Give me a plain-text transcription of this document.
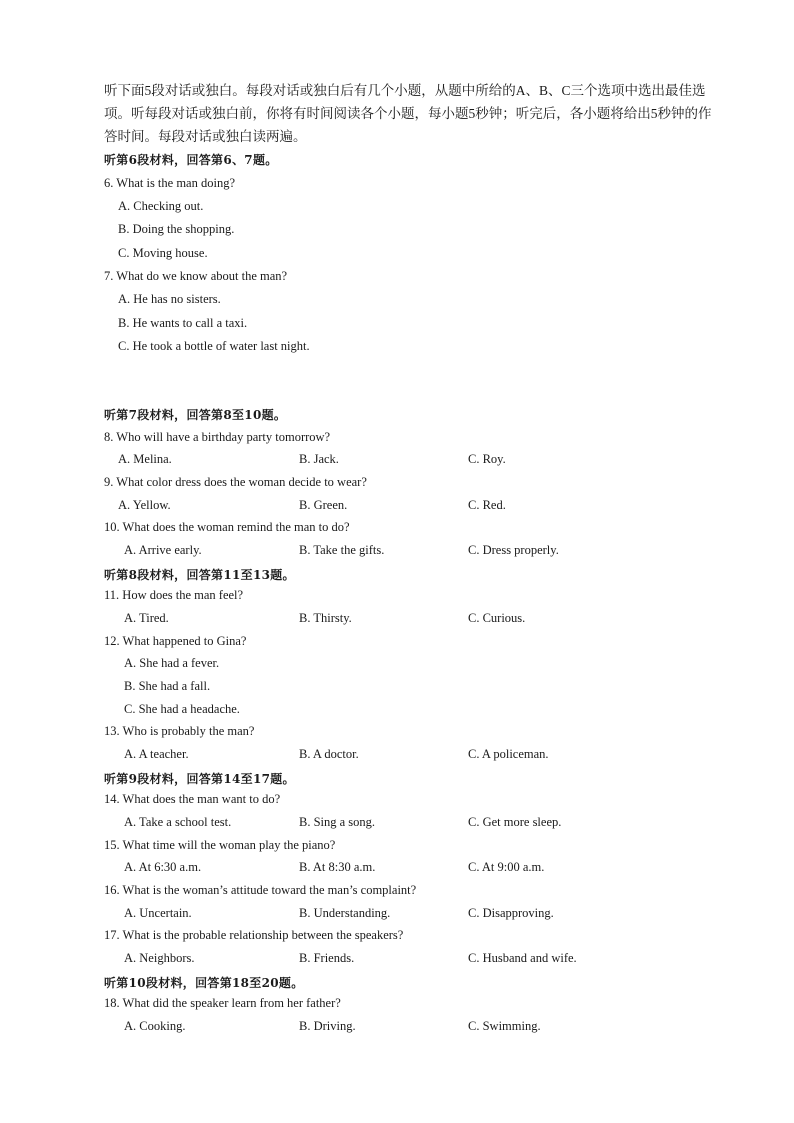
听下面5段对话或独白。每段对话或独白后有几个小题，从题中所给的A、B、C三个选项中选出最佳选项。听每段对话或独白前，你将有时间阅读各个小题，每小题5秒钟；听完后，各小题将给出5秒钟的作答时间。每段对话或独白读两遍。
听第6段材料，回答第6、7题。
6. What is the man doing?
A. Checking out.
B. Doing the shopping.
C. Moving house.
7. What do we know about the man?
A. He has no sisters.
B. He wants to call a taxi.
C. He took a bottle of water last night.
听第7段材料，回答第8至10题。
8. Who will have a birthday party tomorrow?
A. Melina.	B. Jack.	C. Roy.
9. What color dress does the woman decide to wear?
A. Yellow.	B. Green.	C. Red.
10. What does the woman remind the man to do?
A. Arrive early.	B. Take the gifts.	C. Dress properly.
听第8段材料，回答第11至13题。
11. How does the man feel?
A. Tired.	B. Thirsty.	C. Curious.
12. What happened to Gina?
A. She had a fever.
B. She had a fall.
C. She had a headache.
13. Who is probably the man?
A. A teacher.	B. A doctor.	C. A policeman.
听第9段材料，回答第14至17题。
14. What does the man want to do?
A. Take a school test.	B. Sing a song.	C. Get more sleep.
15. What time will the woman play the piano?
A. At 6:30 a.m.	B. At 8:30 a.m.	C. At 9:00 a.m.
16. What is the woman’s attitude toward the man’s complaint?
A. Uncertain.	B. Understanding.	C. Disapproving.
17. What is the probable relationship between the speakers?
A. Neighbors.	B. Friends.	C. Husband and wife.
听第10段材料，回答第18至20题。
18. What did the speaker learn from her father?
A. Cooking.	B. Driving.	C. Swimming.
